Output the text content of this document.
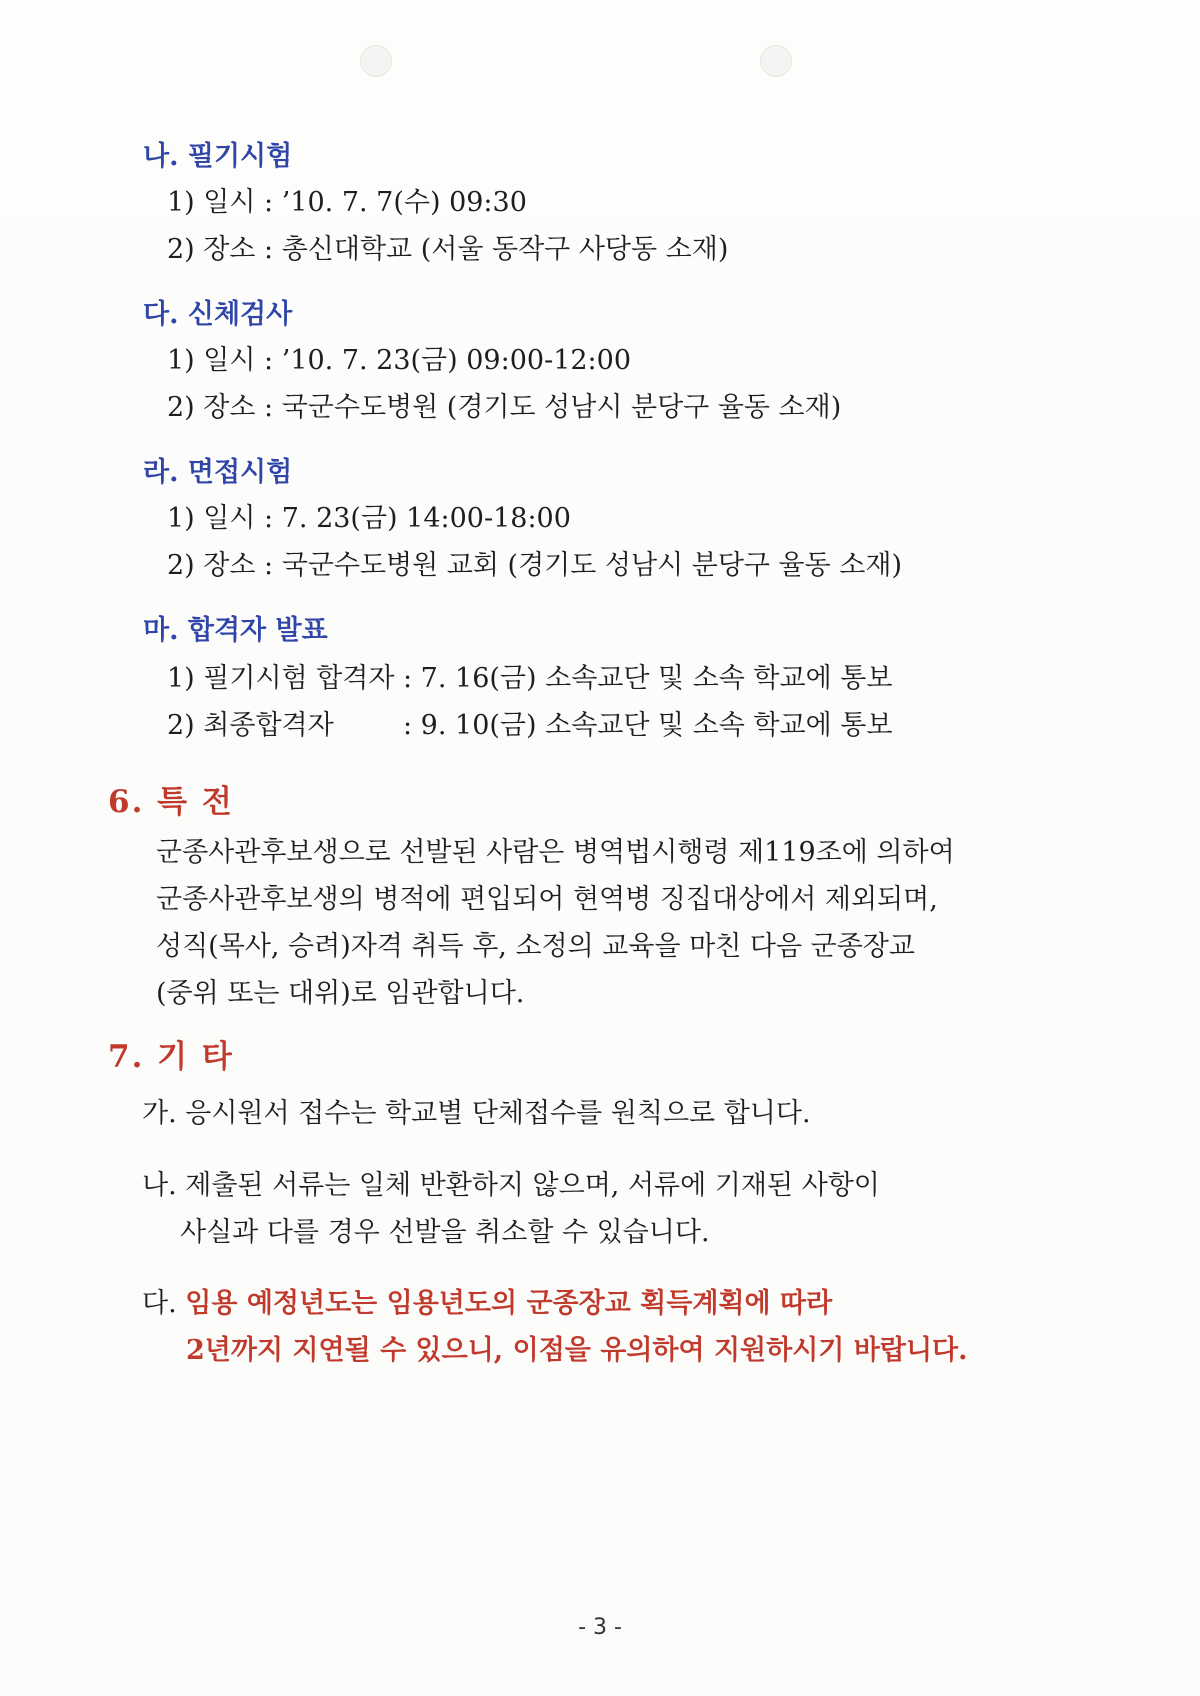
나. 필기시험
1) 일시 : ’10. 7. 7(수) 09:30
2) 장소 : 총신대학교 (서울 동작구 사당동 소재)
다. 신체검사
1) 일시 : ’10. 7. 23(금) 09:00-12:00
2) 장소 : 국군수도병원 (경기도 성남시 분당구 율동 소재)
라. 면접시험
1) 일시 : 7. 23(금) 14:00-18:00
2) 장소 : 국군수도병원 교회 (경기도 성남시 분당구 율동 소재)
마. 합격자 발표
1) 필기시험 합격자 : 7. 16(금) 소속교단 및 소속 학교에 통보
2) 최종합격자	: 9. 10(금) 소속교단 및 소속 학교에 통보
6. 특 전
군종사관후보생으로 선발된 사람은 병역법시행령 제119조에 의하여
군종사관후보생의 병적에 편입되어 현역병 징집대상에서 제외되며,
성직(목사, 승려)자격 취득 후, 소정의 교육을 마친 다음 군종장교
(중위 또는 대위)로 임관합니다.
7. 기 타
가. 응시원서 접수는 학교별 단체접수를 원칙으로 합니다.
나. 제출된 서류는 일체 반환하지 않으며, 서류에 기재된 사항이
사실과 다를 경우 선발을 취소할 수 있습니다.
다. 임용 예정년도는 임용년도의 군종장교 획득계획에 따라
2년까지 지연될 수 있으니, 이점을 유의하여 지원하시기 바랍니다.
- 3 -
